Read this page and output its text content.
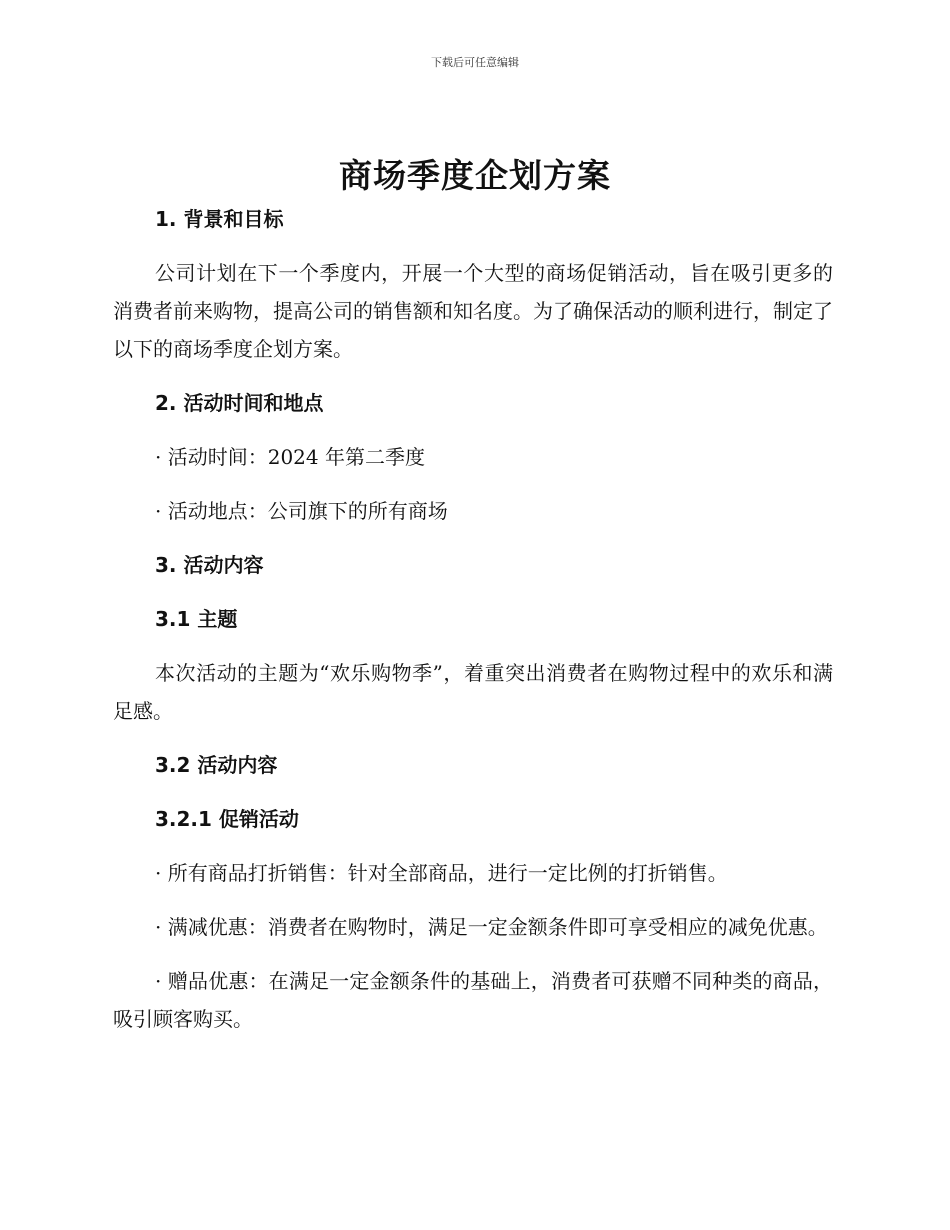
下载后可任意编辑
商场季度企划方案

1. 背景和目标

公司计划在下一个季度内，开展一个大型的商场促销活动，旨在吸引更多的消费者前来购物，提高公司的销售额和知名度。为了确保活动的顺利进行，制定了以下的商场季度企划方案。

2. 活动时间和地点

· 活动时间：2024 年第二季度

· 活动地点：公司旗下的所有商场

3. 活动内容

3.1 主题

本次活动的主题为“欢乐购物季”，着重突出消费者在购物过程中的欢乐和满足感。

3.2 活动内容

3.2.1 促销活动

· 所有商品打折销售：针对全部商品，进行一定比例的打折销售。

· 满减优惠：消费者在购物时，满足一定金额条件即可享受相应的减免优惠。

· 赠品优惠：在满足一定金额条件的基础上，消费者可获赠不同种类的商品，吸引顾客购买。
